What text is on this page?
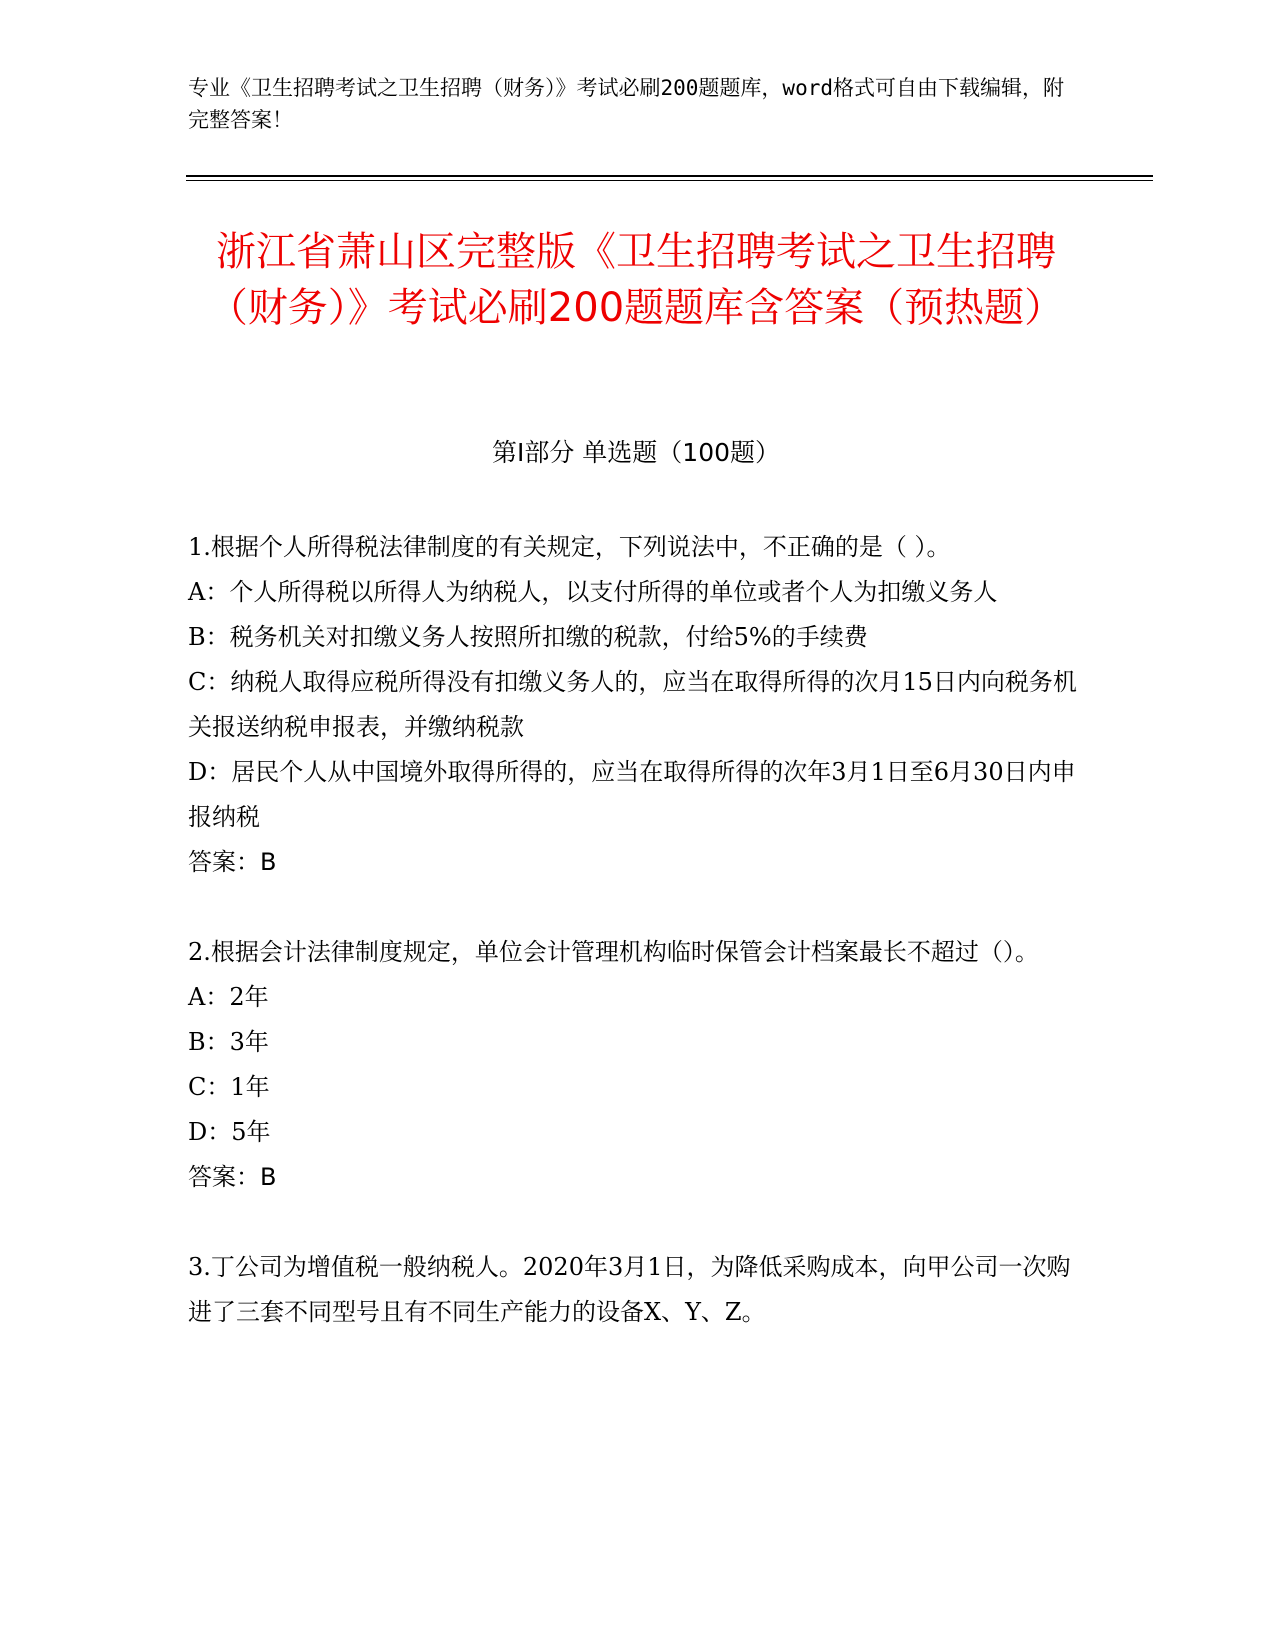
专业《卫生招聘考试之卫生招聘（财务）》考试必刷200题题库，word格式可自由下载编辑，附完整答案！
浙江省萧山区完整版《卫生招聘考试之卫生招聘（财务）》考试必刷200题题库含答案（预热题）
第Ⅰ部分 单选题（100题）

1.根据个人所得税法律制度的有关规定，下列说法中，不正确的是（ ）。

A：个人所得税以所得人为纳税人，以支付所得的单位或者个人为扣缴义务人

B：税务机关对扣缴义务人按照所扣缴的税款，付给5%的手续费

C：纳税人取得应税所得没有扣缴义务人的，应当在取得所得的次月15日内向税务机关报送纳税申报表，并缴纳税款

D：居民个人从中国境外取得所得的，应当在取得所得的次年3月1日至6月30日内申报纳税

答案：B

2.根据会计法律制度规定，单位会计管理机构临时保管会计档案最长不超过（）。

A：2年

B：3年

C：1年

D：5年

答案：B

3.丁公司为增值税一般纳税人。2020年3月1日，为降低采购成本，向甲公司一次购进了三套不同型号且有不同生产能力的设备X、Y、Z。
